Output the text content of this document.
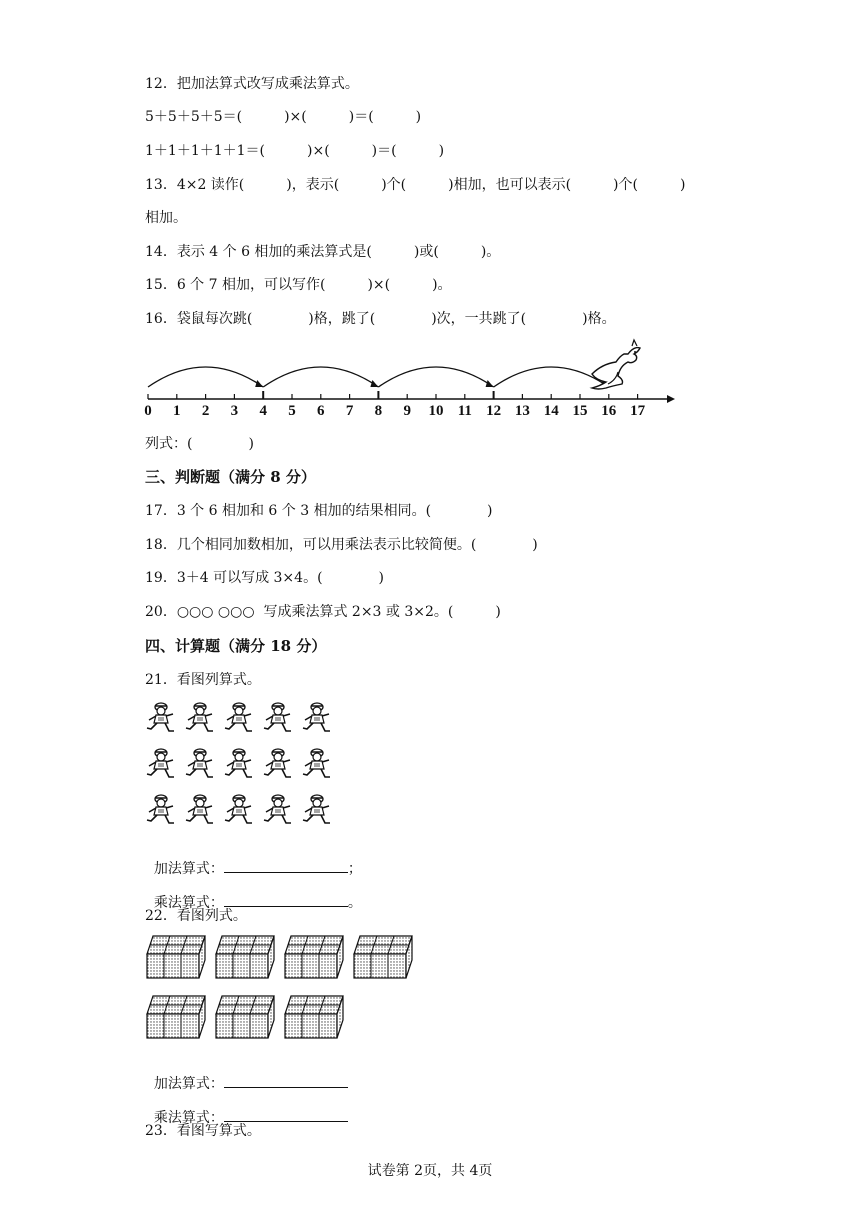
12．把加法算式改写成乘法算式。
5＋5＋5＋5＝(　　　)×(　　　)＝(　　　)
1＋1＋1＋1＋1＝(　　　)×(　　　)＝(　　　)
13．4×2 读作(　　　)，表示(　　　)个(　　　)相加，也可以表示(　　　)个(　　　)
相加。
14．表示 4 个 6 相加的乘法算式是(　　　)或(　　　)。
15．6 个 7 相加，可以写作(　　　)×(　　　)。
16．袋鼠每次跳(　　　　)格，跳了(　　　　)次，一共跳了(　　　　)格。
0 1 2 3 4 5 6 7 8 9 10 11 12 13 14 15 16 17
列式：(　　　　)
三、判断题（满分 8 分）
17．3 个 6 相加和 6 个 3 相加的结果相同。(　　　　)
18．几个相同加数相加，可以用乘法表示比较简便。(　　　　)
19．3＋4 可以写成 3×4。(　　　　)
20．○○○ ○○○  写成乘法算式 2×3 或 3×2。(　　　)
四、计算题（满分 18 分）
21．看图列算式。

加法算式：	；

乘法算式：	。

22．看图列式。

加法算式：

乘法算式：

23．看图写算式。
试卷第 2页，共 4页
